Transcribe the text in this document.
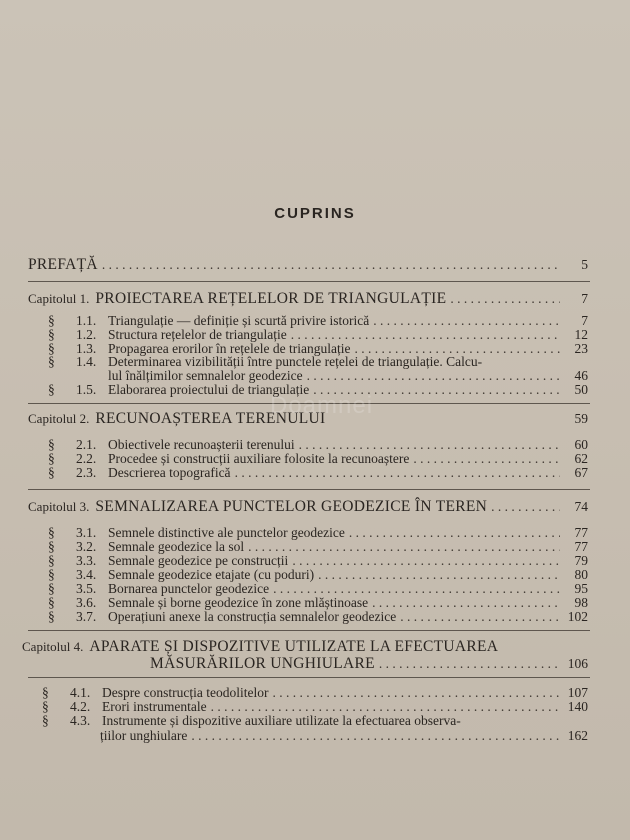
CUPRINS
PREFAȚĂ . . .	5
Capitolul 1. PROIECTAREA REȚELELOR DE TRIANGULAȚIE . . .	7
§	1.1. Triangulație — definiție și scurtă privire istorică . . .	7
§	1.2. Structura rețelelor de triangulație . . .	12
§	1.3. Propagarea erorilor în rețelele de triangulație . . .	23
§	1.4. Determinarea vizibilității între punctele rețelei de triangulație. Calcu-
lul înălțimilor semnalelor geodezice . . .	46
§	1.5. Elaborarea proiectului de triangulație . . .	50
Capitolul 2. RECUNOAȘTEREA TERENULUI	59
§	2.1. Obiectivele recunoașterii terenului . . .	60
§	2.2. Procedee și construcții auxiliare folosite la recunoaștere . . .	62
§	2.3. Descrierea topografică . . .	67
Capitolul 3. SEMNALIZAREA PUNCTELOR GEODEZICE ÎN TEREN . . .	74
§	3.1. Semnele distinctive ale punctelor geodezice . . .	77
§	3.2. Semnale geodezice la sol . . .	77
§	3.3. Semnale geodezice pe construcții . . .	79
§	3.4. Semnale geodezice etajate (cu poduri) . . .	80
§	3.5. Bornarea punctelor geodezice . . .	95
§	3.6. Semnale și borne geodezice în zone mlăștinoase . . .	98
§	3.7. Operațiuni anexe la construcția semnalelor geodezice . . .	102
Capitolul 4. APARATE ȘI DISPOZITIVE UTILIZATE LA EFECTUAREA
MĂSURĂRILOR UNGHIULARE . . .	106
§	4.1. Despre construcția teodolitelor . . .	107
§	4.2. Erori instrumentale . . .	140
§	4.3. Instrumente și dispozitive auxiliare utilizate la efectuarea observa-
țiilor unghiulare . . .	162
Doamnei
